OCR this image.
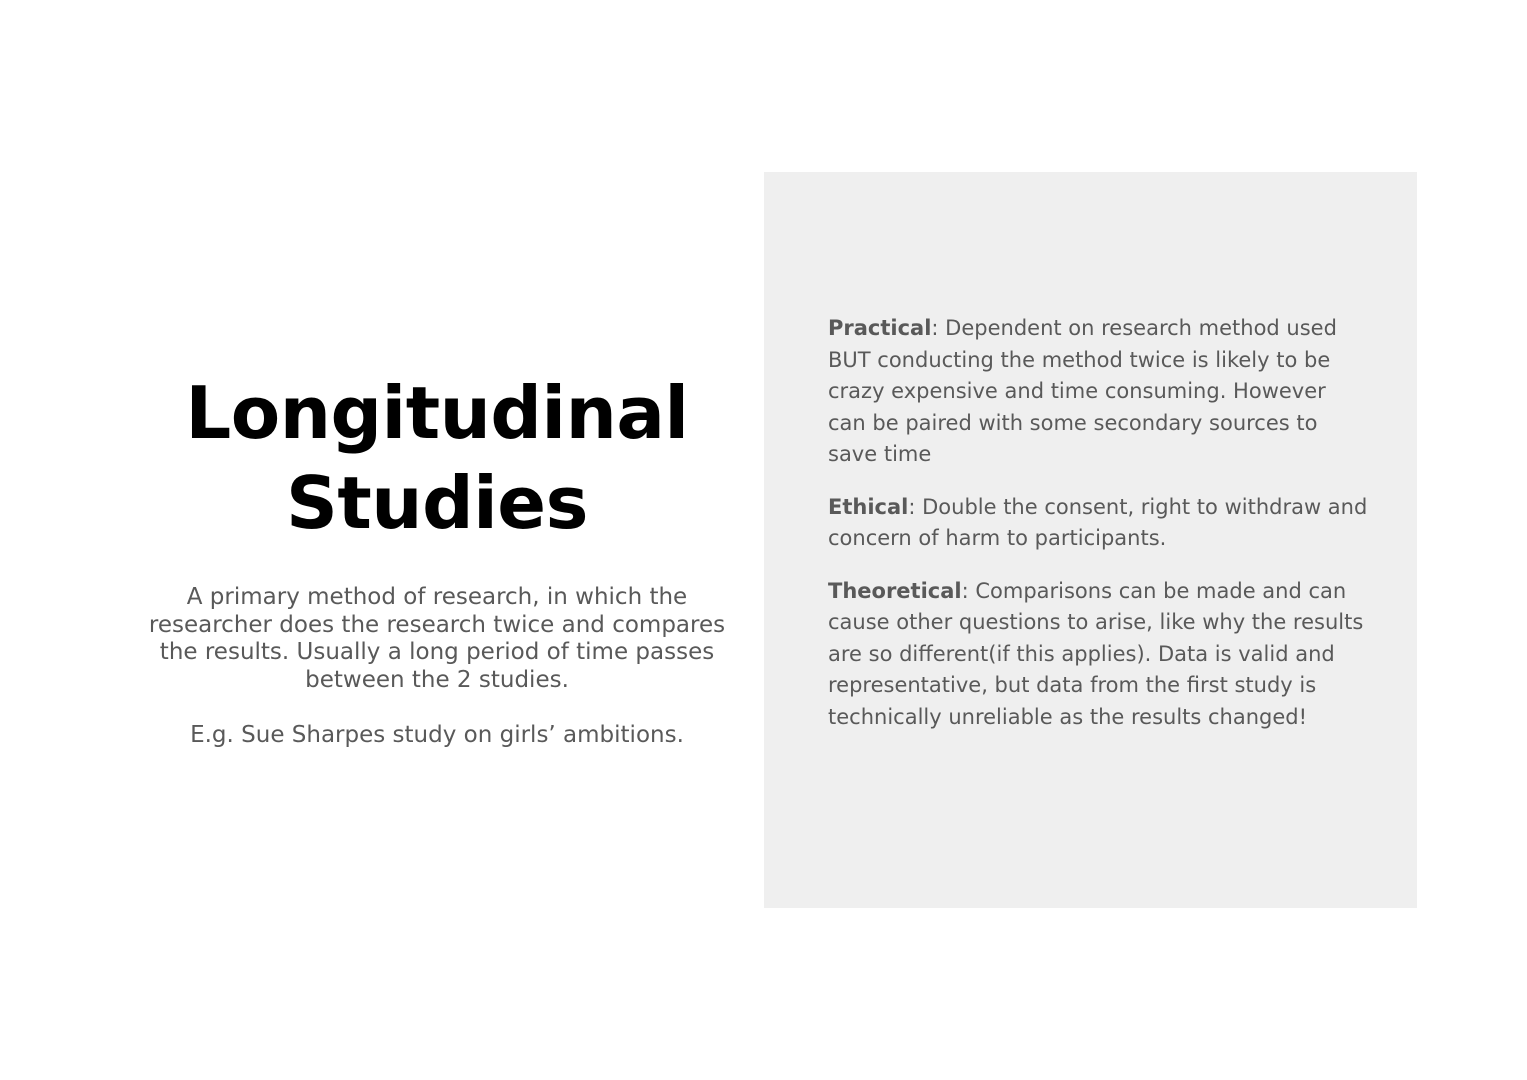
Longitudinal
Studies

A primary method of research, in which the researcher does the research twice and compares the results. Usually a long period of time passes between the 2 studies.

E.g. Sue Sharpes study on girls’ ambitions.

Practical: Dependent on research method used BUT conducting the method twice is likely to be crazy expensive and time consuming. However can be paired with some secondary sources to save time

Ethical: Double the consent, right to withdraw and concern of harm to participants.

Theoretical: Comparisons can be made and can cause other questions to arise, like why the results are so different(if this applies). Data is valid and representative, but data from the first study is technically unreliable as the results changed!
